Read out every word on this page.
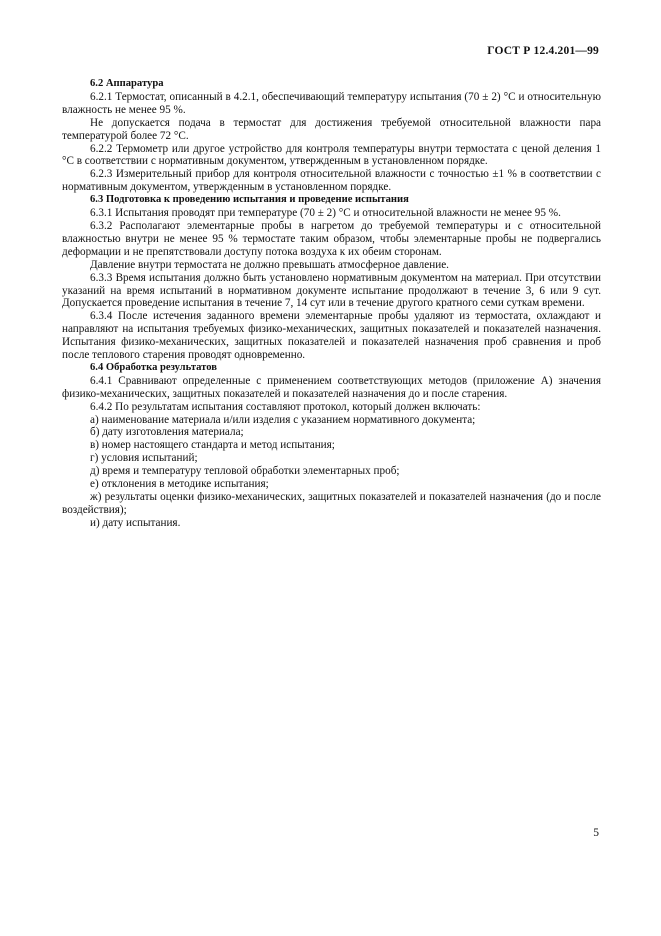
ГОСТ Р 12.4.201—99

6.2 Аппаратура

6.2.1 Термостат, описанный в 4.2.1, обеспечивающий температуру испытания (70 ± 2) °C и относительную влажность не менее 95 %.

Не допускается подача в термостат для достижения требуемой относительной влажности пара температурой более 72 °C.

6.2.2 Термометр или другое устройство для контроля температуры внутри термостата с ценой деления 1 °C в соответствии с нормативным документом, утвержденным в установленном порядке.

6.2.3 Измерительный прибор для контроля относительной влажности с точностью ±1 % в соответствии с нормативным документом, утвержденным в установленном порядке.

6.3 Подготовка к проведению испытания и проведение испытания

6.3.1 Испытания проводят при температуре (70 ± 2) °C и относительной влажности не менее 95 %.

6.3.2 Располагают элементарные пробы в нагретом до требуемой температуры и с относительной влажностью внутри не менее 95 % термостате таким образом, чтобы элементарные пробы не подвергались деформации и не препятствовали доступу потока воздуха к их обеим сторонам.

Давление внутри термостата не должно превышать атмосферное давление.

6.3.3 Время испытания должно быть установлено нормативным документом на материал. При отсутствии указаний на время испытаний в нормативном документе испытание продолжают в течение 3, 6 или 9 сут. Допускается проведение испытания в течение 7, 14 сут или в течение другого кратного семи суткам времени.

6.3.4 После истечения заданного времени элементарные пробы удаляют из термостата, охлаждают и направляют на испытания требуемых физико-механических, защитных показателей и показателей назначения. Испытания физико-механических, защитных показателей и показателей назначения проб сравнения и проб после теплового старения проводят одновременно.

6.4 Обработка результатов

6.4.1 Сравнивают определенные с применением соответствующих методов (приложение А) значения физико-механических, защитных показателей и показателей назначения до и после старения.

6.4.2 По результатам испытания составляют протокол, который должен включать:

а) наименование материала и/или изделия с указанием нормативного документа;

б) дату изготовления материала;

в) номер настоящего стандарта и метод испытания;

г) условия испытаний;

д) время и температуру тепловой обработки элементарных проб;

е) отклонения в методике испытания;

ж) результаты оценки физико-механических, защитных показателей и показателей назначения (до и после воздействия);

и) дату испытания.

5
